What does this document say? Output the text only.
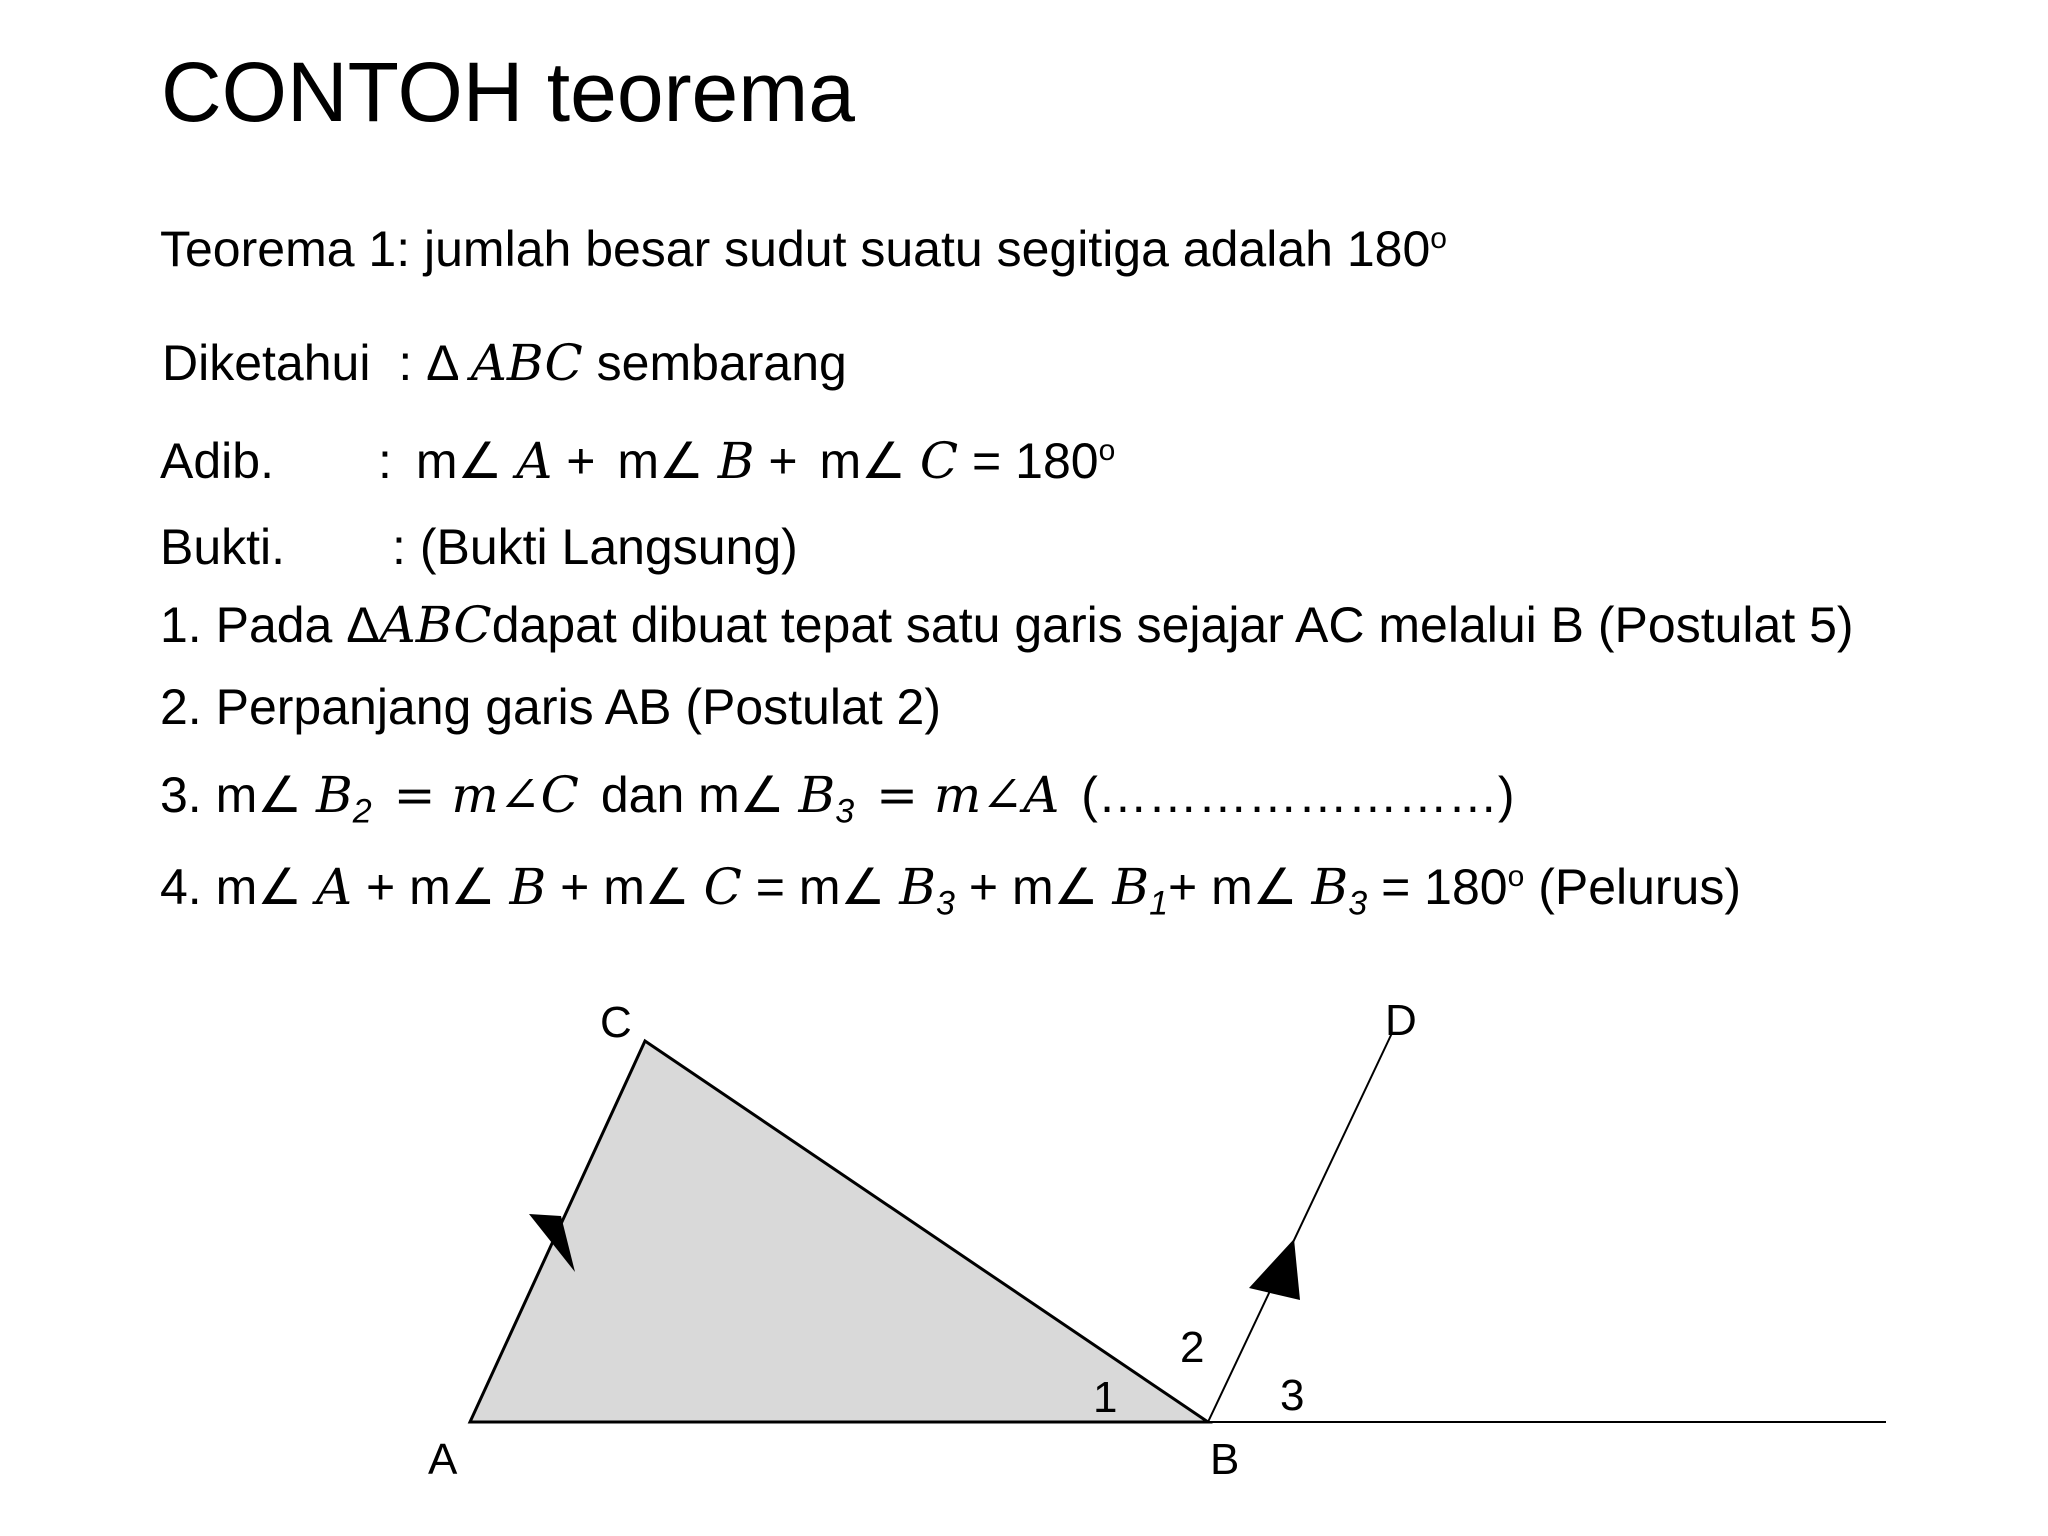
CONTOH teorema
Teorema 1: jumlah besar sudut suatu segitiga adalah 180$^o$
Diketahui : Δ ABC sembarang
Adib. : m∠ A + m∠ B + m∠ $C = 180^o$
Bukti. : (Bukti Langsung)
1. Pada ΔABCdapat dibuat tepat satu garis sejajar AC melalui B (Postulat 5)
2. Perpanjang garis AB (Postulat 2)
3. m∠ $B_2$ = m∠C dan m∠ $B_3$ = m∠A (……………………)
4. m∠ A + m∠ B + m∠ C = m∠ $B_3$ + m∠ $B_1+$ m∠ $B_3 = 180^o$ (Pelurus)
C	D
A	B
1
2
3
